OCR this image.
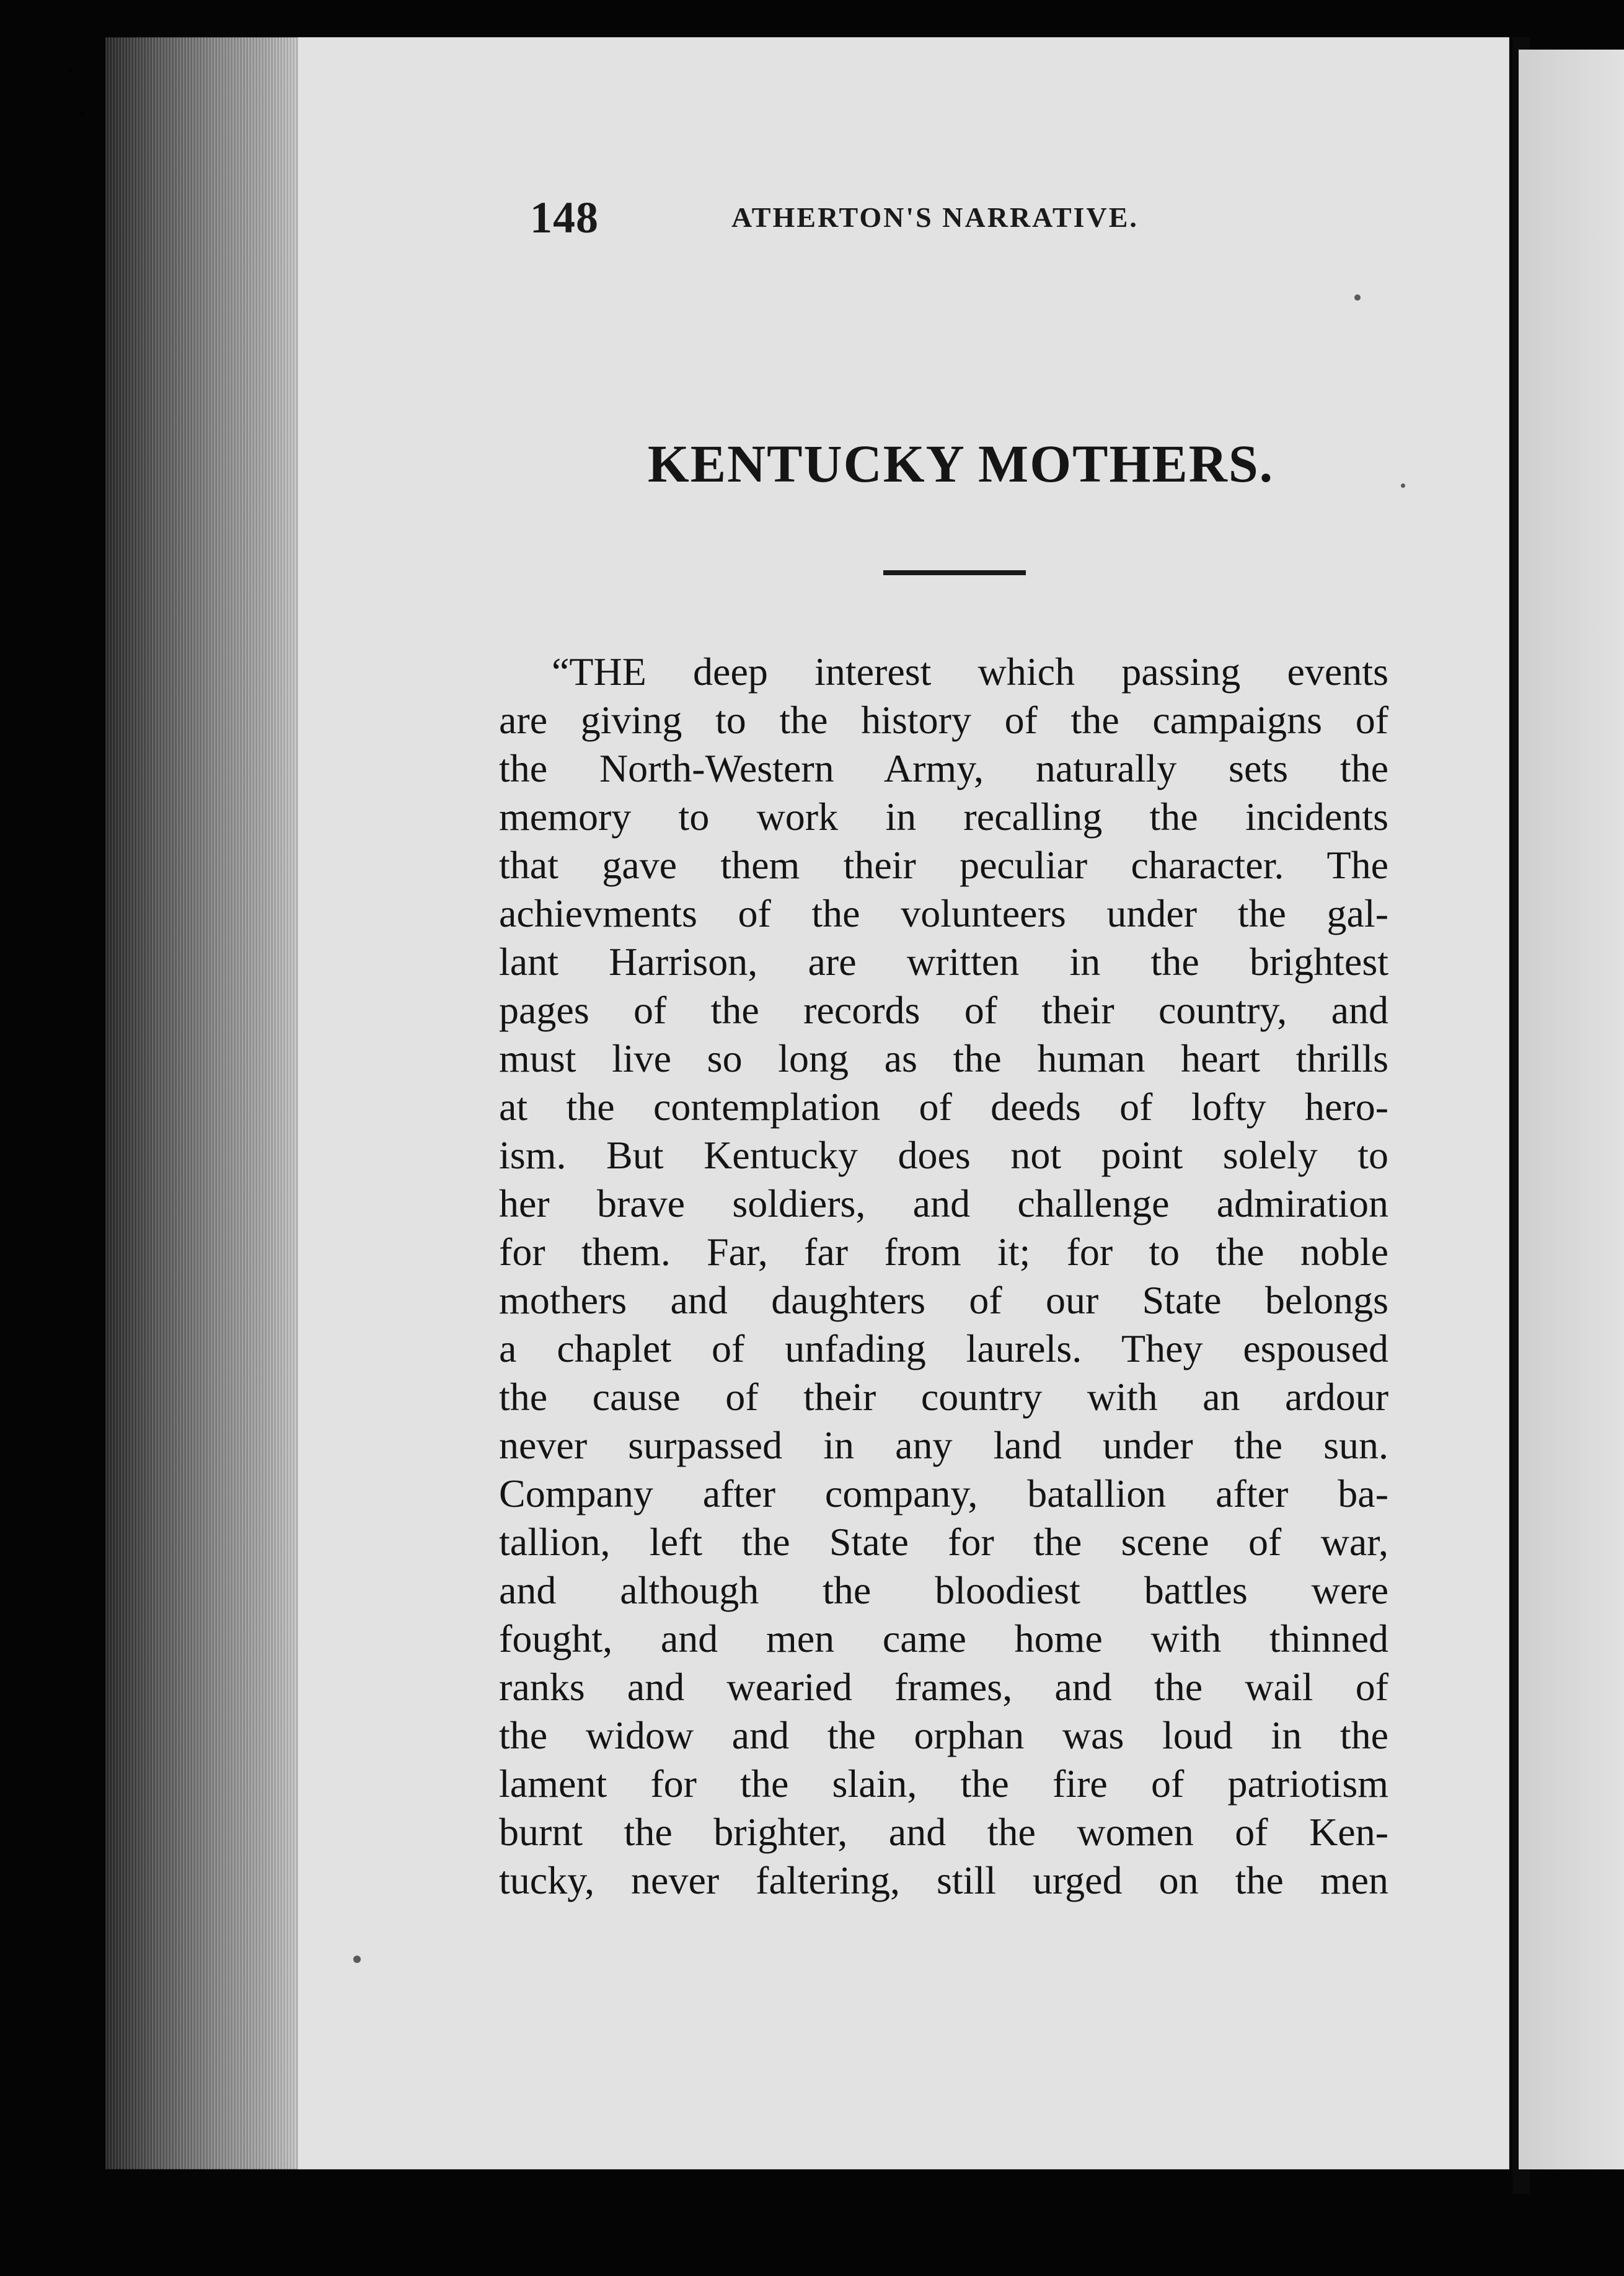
148	ATHERTON'S NARRATIVE.
KENTUCKY MOTHERS.
“THE deep interest which passing events
are giving to the history of the campaigns of
the North-Western Army, naturally sets the
memory to work in recalling the incidents
that gave them their peculiar character. The
achievments of the volunteers under the gal-
lant Harrison, are written in the brightest
pages of the records of their country, and
must live so long as the human heart thrills
at the contemplation of deeds of lofty hero-
ism. But Kentucky does not point solely to
her brave soldiers, and challenge admiration
for them. Far, far from it; for to the noble
mothers and daughters of our State belongs
a chaplet of unfading laurels. They espoused
the cause of their country with an ardour
never surpassed in any land under the sun.
Company after company, batallion after ba-
tallion, left the State for the scene of war,
and although the bloodiest battles were
fought, and men came home with thinned
ranks and wearied frames, and the wail of
the widow and the orphan was loud in the
lament for the slain, the fire of patriotism
burnt the brighter, and the women of Ken-
tucky, never faltering, still urged on the men
